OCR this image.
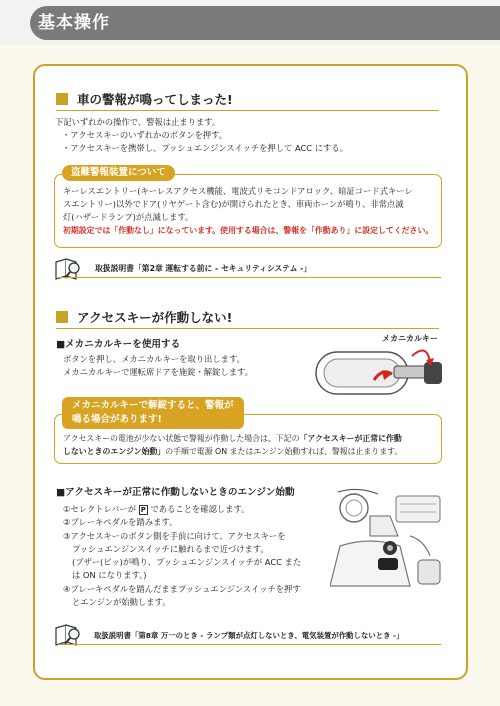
基本操作
車の警報が鳴ってしまった!
下記いずれかの操作で、警報は止まります。
・アクセスキーのいずれかのボタンを押す。
・アクセスキーを携帯し、プッシュエンジンスイッチを押して ACC にする。
盗難警報装置について
キーレスエントリー(キーレスアクセス機能、電波式リモコンドアロック、暗証コード式キーレ
スエントリー)以外でドア(リヤゲート含む)が開けられたとき、車両ホーンが鳴り、非常点滅
灯(ハザードランプ)が点滅します。
初期設定では「作動なし」になっています。使用する場合は、警報を「作動あり」に設定してください。
取扱説明書「第2章 運転する前に - セキュリティシステム -」
アクセスキーが作動しない!
■メカニカルキーを使用する
ボタンを押し、メカニカルキーを取り出します。
メカニカルキーで運転席ドアを施錠・解錠します。
メカニカルキー
メカニカルキーで解錠すると、警報が
鳴る場合があります!
アクセスキーの電池が少ない状態で警報が作動した場合は、下記の「アクセスキーが正常に作動
しないときのエンジン始動」の手順で電源 ON またはエンジン始動すれば、警報は止まります。
■アクセスキーが正常に作動しないときのエンジン始動
①セレクトレバーが P であることを確認します。
②ブレーキペダルを踏みます。
③アクセスキーのボタン側を手前に向けて、アクセスキーを
プッシュエンジンスイッチに触れるまで近づけます。
(ブザー(ピッ)が鳴り、プッシュエンジンスイッチが ACC また
は ON になります。)
④ブレーキペダルを踏んだままプッシュエンジンスイッチを押す
とエンジンが始動します。
取扱説明書「第8章 万一のとき - ランプ類が点灯しないとき、電気装置が作動しないとき -」
